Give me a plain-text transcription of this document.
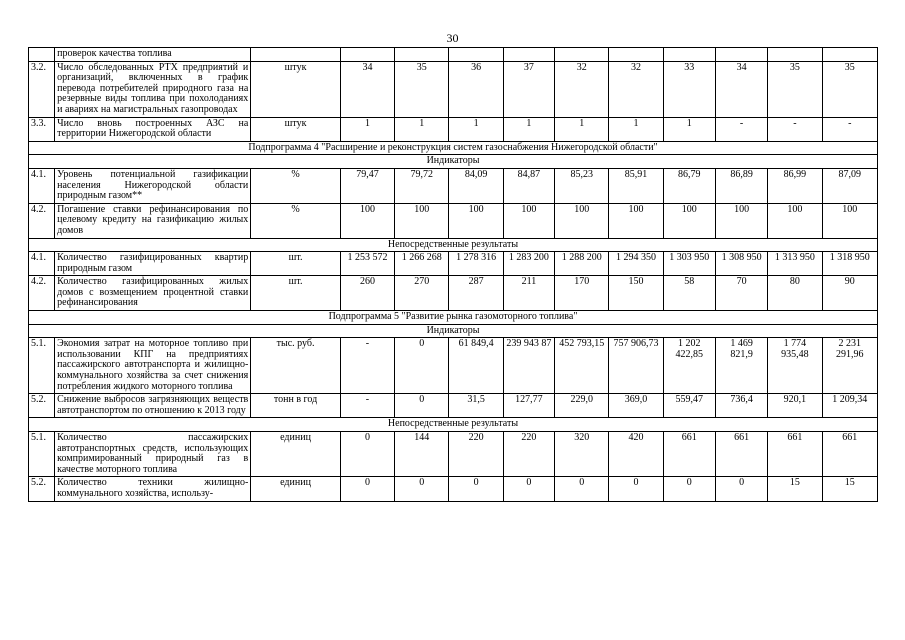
30
	проверок качества топлива											
3.2.	Число обследованных РТХ предприятий и организаций, включенных в график перевода потребителей природного газа на резервные виды топлива при похолоданиях и авариях на магистральных газопроводах	штук	34	35	36	37	32	32	33	34	35	35
3.3.	Число вновь построенных АЗС на территории Нижегородской области	штук	1	1	1	1	1	1	1	-	-	-
Подпрограмма 4 "Расширение и реконструкция систем газоснабжения Нижегородской области"												
Индикаторы												
4.1.	Уровень потенциальной газификации населения Нижегородской области природным газом**	%	79,47	79,72	84,09	84,87	85,23	85,91	86,79	86,89	86,99	87,09
4.2.	Погашение ставки рефинансирования по целевому кредиту на газификацию жилых домов	%	100	100	100	100	100	100	100	100	100	100
Непосредственные результаты												
4.1.	Количество газифицированных квартир природным газом	шт.	1 253 572	1 266 268	1 278 316	1 283 200	1 288 200	1 294 350	1 303 950	1 308 950	1 313 950	1 318 950
4.2.	Количество газифицированных жилых домов с возмещением процентной ставки рефинансирования	шт.	260	270	287	211	170	150	58	70	80	90
Подпрограмма 5 "Развитие рынка газомоторного топлива"												
Индикаторы												
5.1.	Экономия затрат на моторное топливо при использовании КПГ на предприятиях пассажирского автотранспорта и жилищно-коммунального хозяйства за счет снижения потребления жидкого моторного топлива	тыс. руб.	-	0	61 849,4	239 943 87	452 793,15	757 906,73	1 202 422,85	1 469 821,9	1 774 935,48	2 231 291,96
5.2.	Снижение выбросов загрязняющих веществ автотранспортом по отношению к 2013 году	тонн в год	-	0	31,5	127,77	229,0	369,0	559,47	736,4	920,1	1 209,34
Непосредственные результаты												
5.1.	Количество пассажирских автотранспортных средств, использующих компримированный природный газ в качестве моторного топлива	единиц	0	144	220	220	320	420	661	661	661	661
5.2.	Количество техники жилищно-коммунального хозяйства, использу-	единиц	0	0	0	0	0	0	0	0	15	15
